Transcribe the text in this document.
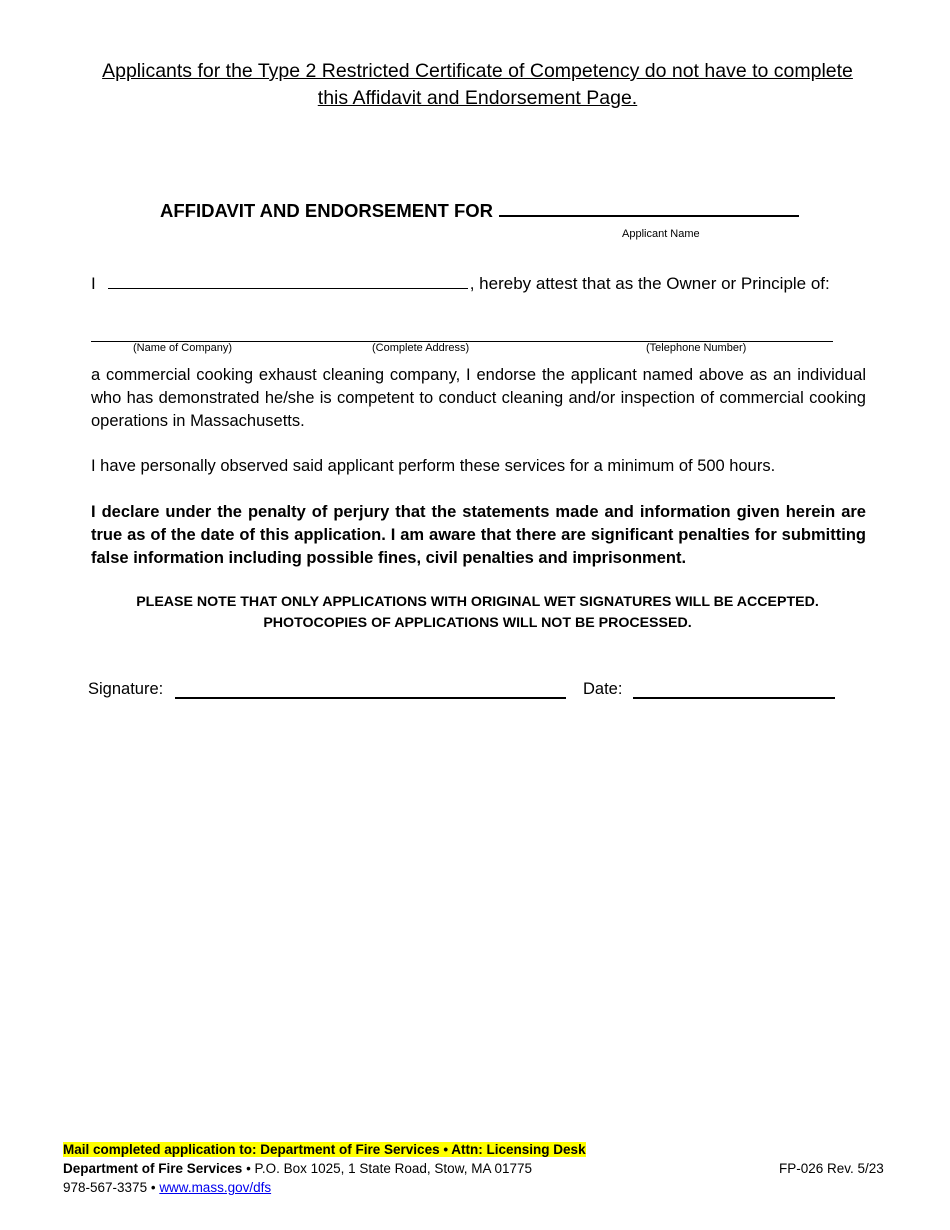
Applicants for the Type 2 Restricted Certificate of Competency do not have to complete
this Affidavit and Endorsement Page.
AFFIDAVIT AND ENDORSEMENT FOR
Applicant Name
I	, hereby attest that as the Owner or Principle of:
(Name of Company)	(Complete Address)	(Telephone Number)
a commercial cooking exhaust cleaning company, I endorse the applicant named above as an individual who has demonstrated he/she is competent to conduct cleaning and/or inspection of commercial cooking operations in Massachusetts.
I have personally observed said applicant perform these services for a minimum of 500 hours.
I declare under the penalty of perjury that the statements made and information given herein are true as of the date of this application. I am aware that there are significant penalties for submitting false information including possible fines, civil penalties and imprisonment.
PLEASE NOTE THAT ONLY APPLICATIONS WITH ORIGINAL WET SIGNATURES WILL BE ACCEPTED.
PHOTOCOPIES OF APPLICATIONS WILL NOT BE PROCESSED.
Signature:	Date:
Mail completed application to: Department of Fire Services • Attn: Licensing Desk
Department of Fire Services • P.O. Box 1025, 1 State Road, Stow, MA 01775
978-567-3375 • www.mass.gov/dfs
FP-026 Rev. 5/23
